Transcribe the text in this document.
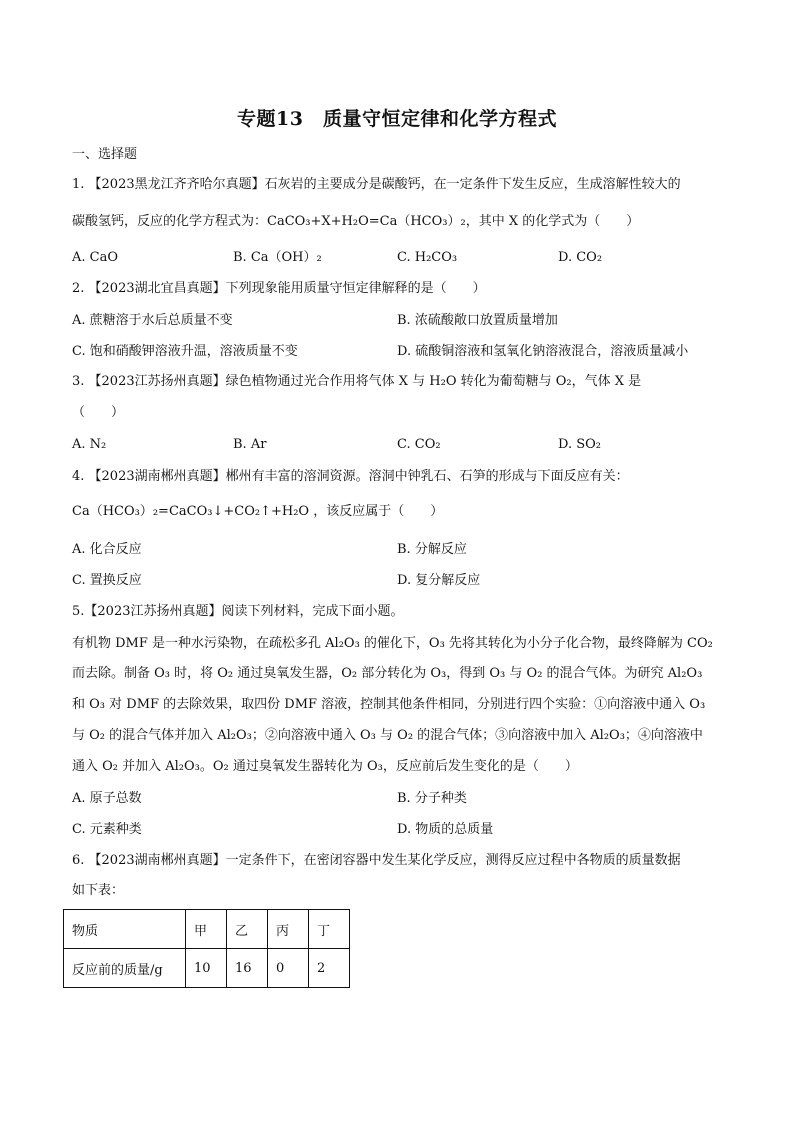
专题13　质量守恒定律和化学方程式
一、选择题
1. 【2023黑龙江齐齐哈尔真题】石灰岩的主要成分是碳酸钙，在一定条件下发生反应，生成溶解性较大的
碳酸氢钙，反应的化学方程式为：CaCO₃+X+H₂O=Ca（HCO₃）₂，其中 X 的化学式为（　　）
A. CaO	B. Ca（OH）₂	C. H₂CO₃	D. CO₂
2. 【2023湖北宜昌真题】下列现象能用质量守恒定律解释的是（　　）
A. 蔗糖溶于水后总质量不变	B. 浓硫酸敞口放置质量增加
C. 饱和硝酸钾溶液升温，溶液质量不变	D. 硫酸铜溶液和氢氧化钠溶液混合，溶液质量减小
3. 【2023江苏扬州真题】绿色植物通过光合作用将气体 X 与 H₂O 转化为葡萄糖与 O₂，气体 X 是
（　　）
A. N₂	B. Ar	C. CO₂	D. SO₂
4. 【2023湖南郴州真题】郴州有丰富的溶洞资源。溶洞中钟乳石、石笋的形成与下面反应有关：
Ca（HCO₃）₂=CaCO₃↓+CO₂↑+H₂O ，该反应属于（　　）
A. 化合反应	B. 分解反应
C. 置换反应	D. 复分解反应
5.【2023江苏扬州真题】阅读下列材料，完成下面小题。
有机物 DMF 是一种水污染物，在疏松多孔 Al₂O₃ 的催化下，O₃ 先将其转化为小分子化合物，最终降解为 CO₂
而去除。制备 O₃ 时，将 O₂ 通过臭氧发生器，O₂ 部分转化为 O₃，得到 O₃ 与 O₂ 的混合气体。为研究 Al₂O₃
和 O₃ 对 DMF 的去除效果，取四份 DMF 溶液，控制其他条件相同，分别进行四个实验：①向溶液中通入 O₃
与 O₂ 的混合气体并加入 Al₂O₃；②向溶液中通入 O₃ 与 O₂ 的混合气体；③向溶液中加入 Al₂O₃；④向溶液中
通入 O₂ 并加入 Al₂O₃。O₂ 通过臭氧发生器转化为 O₃，反应前后发生变化的是（　　）
A. 原子总数	B. 分子种类
C. 元素种类	D. 物质的总质量
6. 【2023湖南郴州真题】一定条件下，在密闭容器中发生某化学反应，测得反应过程中各物质的质量数据
如下表：
物质	甲	乙	丙	丁
反应前的质量/g	10	16	0	2
